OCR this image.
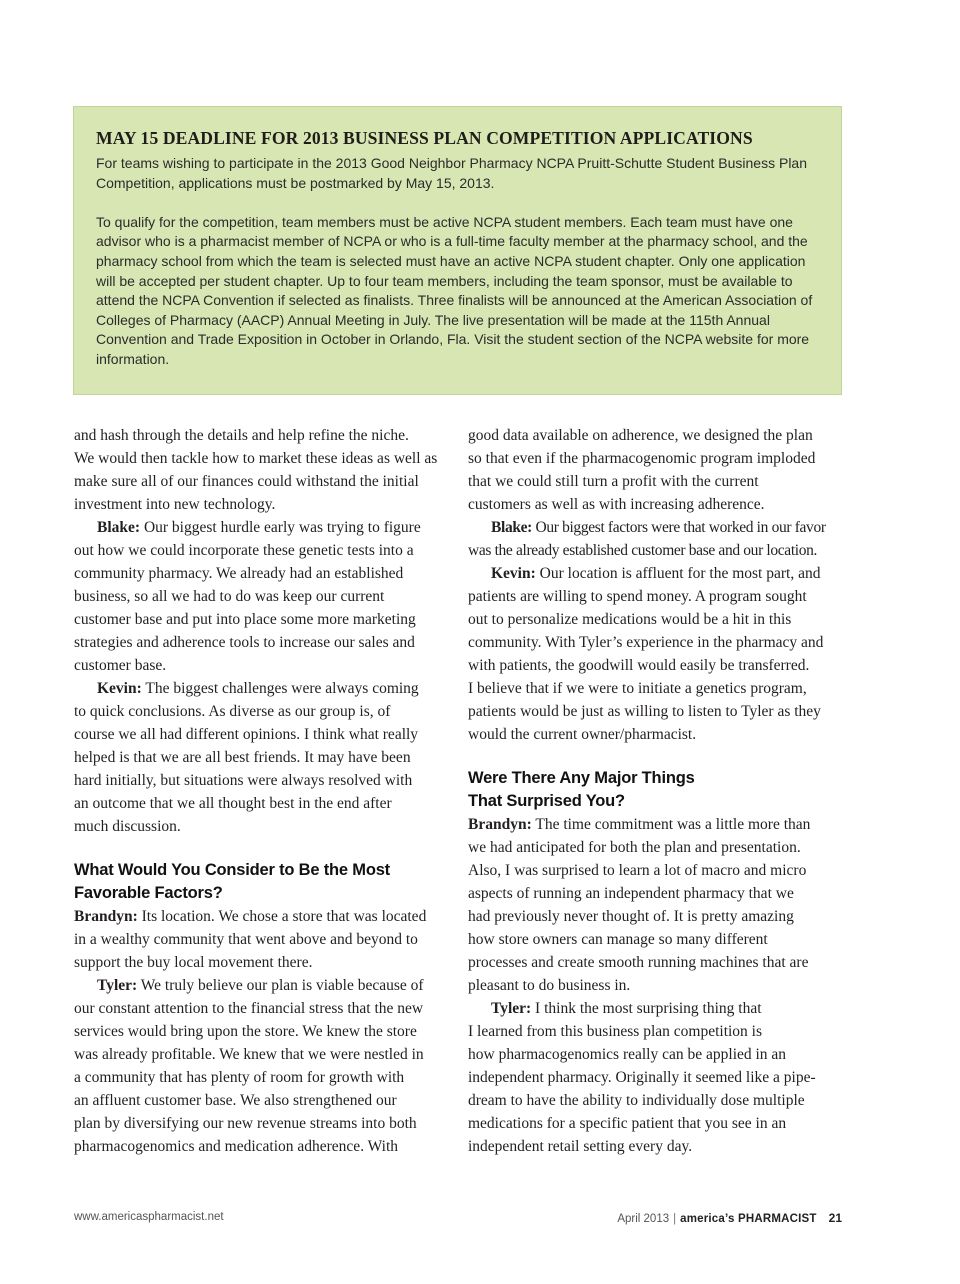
MAY 15 DEADLINE FOR 2013 BUSINESS PLAN COMPETITION APPLICATIONS

For teams wishing to participate in the 2013 Good Neighbor Pharmacy NCPA Pruitt-Schutte Student Business Plan Competition, applications must be postmarked by May 15, 2013.

To qualify for the competition, team members must be active NCPA student members. Each team must have one advisor who is a pharmacist member of NCPA or who is a full-time faculty member at the pharmacy school, and the pharmacy school from which the team is selected must have an active NCPA student chapter. Only one application will be accepted per student chapter. Up to four team members, including the team sponsor, must be available to attend the NCPA Convention if selected as finalists. Three finalists will be announced at the American Association of Colleges of Pharmacy (AACP) Annual Meeting in July. The live presentation will be made at the 115th Annual Convention and Trade Exposition in October in Orlando, Fla. Visit the student section of the NCPA website for more information.

and hash through the details and help refine the niche.
We would then tackle how to market these ideas as well as
make sure all of our finances could withstand the initial
investment into new technology.
Blake: Our biggest hurdle early was trying to figure
out how we could incorporate these genetic tests into a
community pharmacy. We already had an established
business, so all we had to do was keep our current
customer base and put into place some more marketing
strategies and adherence tools to increase our sales and
customer base.
Kevin: The biggest challenges were always coming
to quick conclusions. As diverse as our group is, of
course we all had different opinions. I think what really
helped is that we are all best friends. It may have been
hard initially, but situations were always resolved with
an outcome that we all thought best in the end after
much discussion.
What Would You Consider to Be the Most
Favorable Factors?
Brandyn: Its location. We chose a store that was located
in a wealthy community that went above and beyond to
support the buy local movement there.
Tyler: We truly believe our plan is viable because of
our constant attention to the financial stress that the new
services would bring upon the store. We knew the store
was already profitable. We knew that we were nestled in
a community that has plenty of room for growth with
an affluent customer base. We also strengthened our
plan by diversifying our new revenue streams into both
pharmacogenomics and medication adherence. With
good data available on adherence, we designed the plan
so that even if the pharmacogenomic program imploded
that we could still turn a profit with the current
customers as well as with increasing adherence.
Blake: Our biggest factors were that worked in our favor
was the already established customer base and our location.
Kevin: Our location is affluent for the most part, and
patients are willing to spend money. A program sought
out to personalize medications would be a hit in this
community. With Tyler’s experience in the pharmacy and
with patients, the goodwill would easily be transferred.
I believe that if we were to initiate a genetics program,
patients would be just as willing to listen to Tyler as they
would the current owner/pharmacist.
Were There Any Major Things
That Surprised You?
Brandyn: The time commitment was a little more than
we had anticipated for both the plan and presentation.
Also, I was surprised to learn a lot of macro and micro
aspects of running an independent pharmacy that we
had previously never thought of. It is pretty amazing
how store owners can manage so many different
processes and create smooth running machines that are
pleasant to do business in.
Tyler: I think the most surprising thing that
I learned from this business plan competition is
how pharmacogenomics really can be applied in an
independent pharmacy. Originally it seemed like a pipe-
dream to have the ability to individually dose multiple
medications for a specific patient that you see in an
independent retail setting every day.
www.americaspharmacist.net	April 2013 | america’s PHARMACIST 21
